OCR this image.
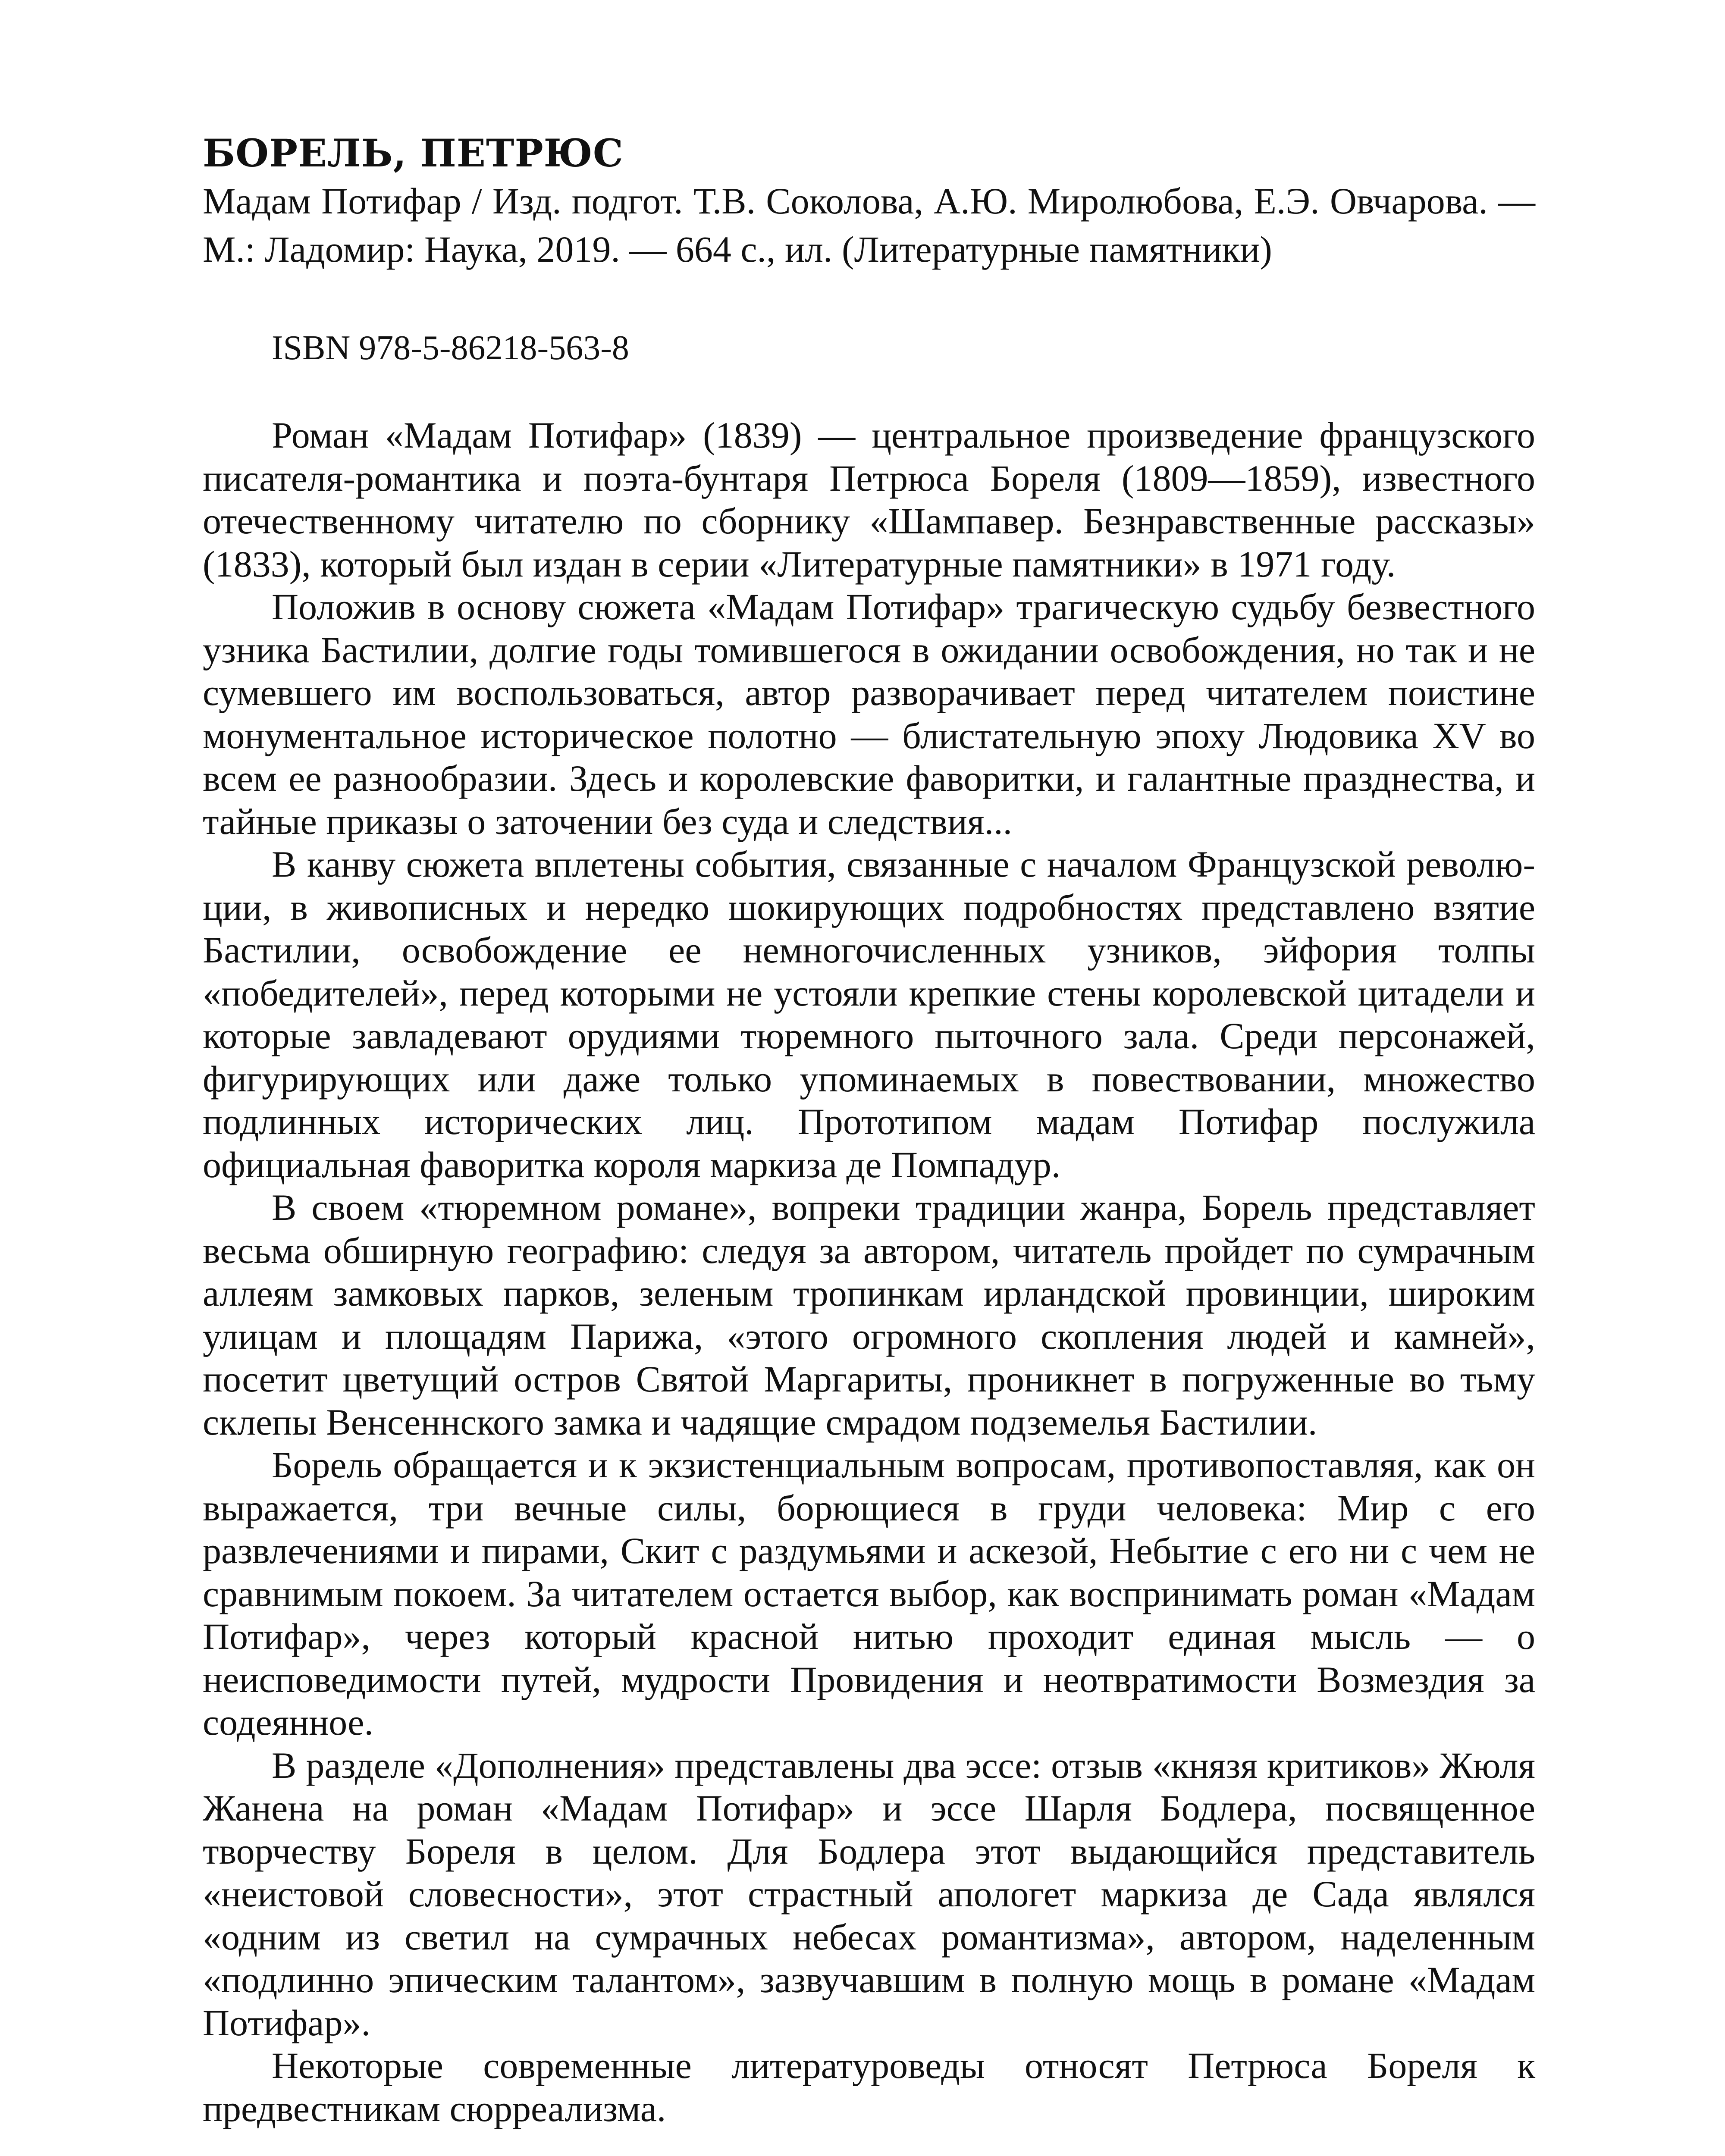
БОРЕЛЬ, ПЕТРЮС

Мадам Потифар / Изд. подгот. Т.В. Соколова, А.Ю. Миролюбова, Е.Э. Овчарова. — М.: Ладомир: Наука, 2019. — 664 с., ил. (Литературные памятники)

ISBN 978-5-86218-563-8

Роман «Мадам Потифар» (1839) — центральное произведение французского писателя-романтика и поэта-бунтаря Петрюса Бореля (1809—1859), известного отечественному читателю по сборнику «Шампавер. Безнравственные рассказы» (1833), который был издан в серии «Литературные памятники» в 1971 году.

Положив в основу сюжета «Мадам Потифар» трагическую судьбу безвестного узника Бастилии, долгие годы томившегося в ожидании освобождения, но так и не сумевшего им воспользоваться, автор разворачивает перед читателем поистине монументальное историческое полотно — блистательную эпоху Людовика XV во всем ее разнообразии. Здесь и королевские фаворитки, и галантные празднества, и тайные приказы о заточении без суда и следствия...

В канву сюжета вплетены события, связанные с началом Французской революции, в живописных и нередко шокирующих подробностях представлено взятие Бастилии, освобождение ее немногочисленных узников, эйфория толпы «победителей», перед которыми не устояли крепкие стены королевской цитадели и которые завладевают орудиями тюремного пыточного зала. Среди персонажей, фигурирующих или даже только упоминаемых в повествовании, множество подлинных исторических лиц. Прототипом мадам Потифар послужила официальная фаворитка короля маркиза де Помпадур.

В своем «тюремном романе», вопреки традиции жанра, Борель представляет весьма обширную географию: следуя за автором, читатель пройдет по сумрачным аллеям замковых парков, зеленым тропинкам ирландской провинции, широким улицам и площадям Парижа, «этого огромного скопления людей и камней», посетит цветущий остров Святой Маргариты, проникнет в погруженные во тьму склепы Венсеннского замка и чадящие смрадом подземелья Бастилии.

Борель обращается и к экзистенциальным вопросам, противопоставляя, как он выражается, три вечные силы, борющиеся в груди человека: Мир с его развлечениями и пирами, Скит с раздумьями и аскезой, Небытие с его ни с чем не сравнимым покоем. За читателем остается выбор, как воспринимать роман «Мадам Потифар», через который красной нитью проходит единая мысль — о неисповедимости путей, мудрости Провидения и неотвратимости Возмездия за содеянное.

В разделе «Дополнения» представлены два эссе: отзыв «князя критиков» Жюля Жанена на роман «Мадам Потифар» и эссе Шарля Бодлера, посвященное творчеству Бореля в целом. Для Бодлера этот выдающийся представитель «неистовой словесности», этот страстный апологет маркиза де Сада являлся «одним из светил на сумрачных небесах романтизма», автором, наделенным «подлинно эпическим талантом», зазвучавшим в полную мощь в романе «Мадам Потифар».

Некоторые современные литературоведы относят Петрюса Бореля к предвестникам сюрреализма.
